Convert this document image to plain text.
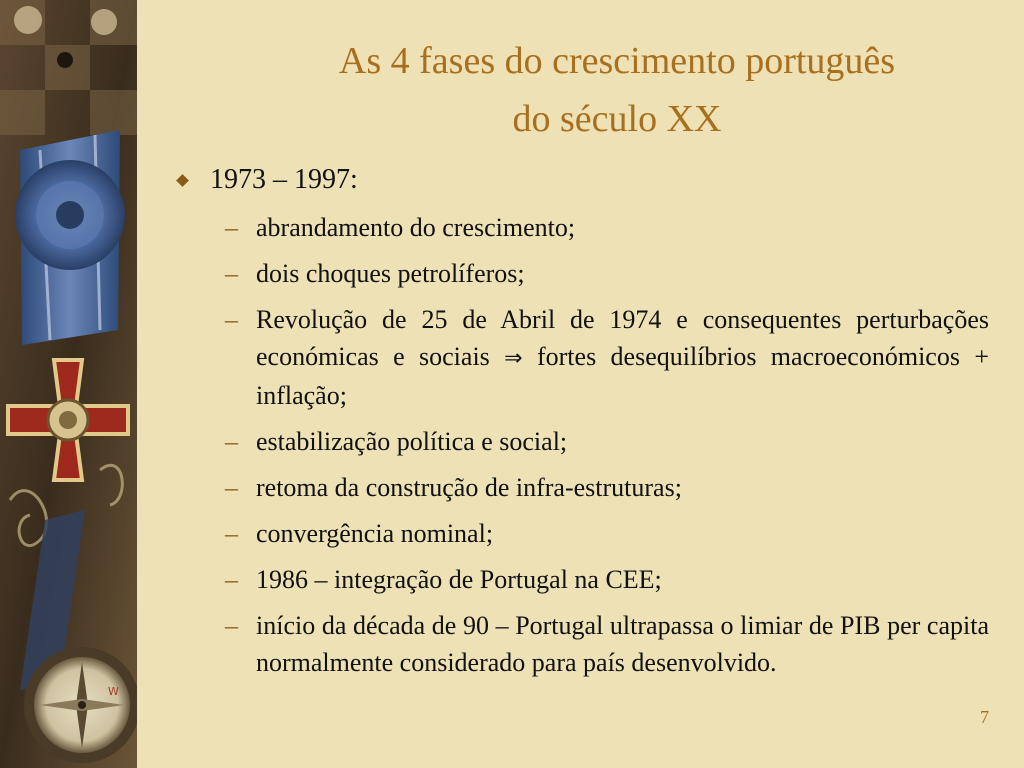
W
As 4 fases do crescimento português do século XX
1973 – 1997:
– abrandamento do crescimento;
– dois choques petrolíferos;
– Revolução de 25 de Abril de 1974 e consequentes perturbações económicas e sociais ⇒ fortes desequilíbrios macroeconómicos + inflação;
– estabilização política e social;
– retoma da construção de infra-estruturas;
– convergência nominal;
– 1986 – integração de Portugal na CEE;
– início da década de 90 – Portugal ultrapassa o limiar de PIB per capita normalmente considerado para país desenvolvido.
7
